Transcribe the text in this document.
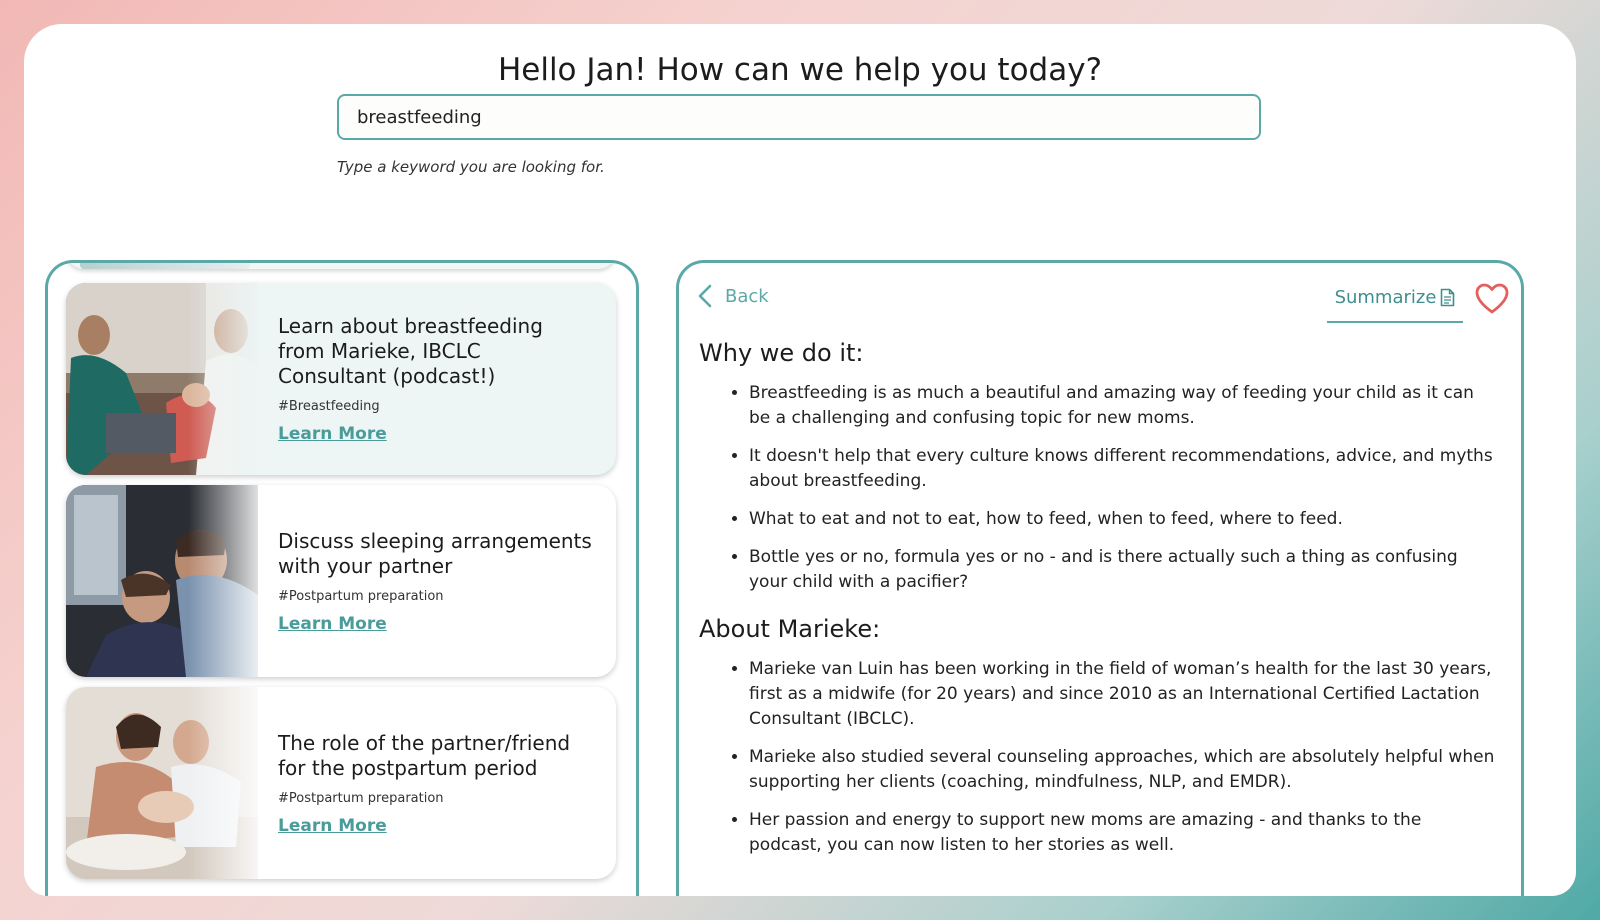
Hello Jan! How can we help you today?
breastfeeding
Type a keyword you are looking for.
Learn about breastfeeding from Marieke, IBCLC Consultant (podcast!)
#Breastfeeding
Learn More
Discuss sleeping arrangements with your partner
#Postpartum preparation
Learn More
The role of the partner/friend for the postpartum period
#Postpartum preparation
Learn More
Back	Summarize
Why we do it:
• Breastfeeding is as much a beautiful and amazing way of feeding your child as it can be a challenging and confusing topic for new moms.
• It doesn't help that every culture knows different recommendations, advice, and myths about breastfeeding.
• What to eat and not to eat, how to feed, when to feed, where to feed.
• Bottle yes or no, formula yes or no - and is there actually such a thing as confusing your child with a pacifier?
About Marieke:
• Marieke van Luin has been working in the field of woman’s health for the last 30 years, first as a midwife (for 20 years) and since 2010 as an International Certified Lactation Consultant (IBCLC).
• Marieke also studied several counseling approaches, which are absolutely helpful when supporting her clients (coaching, mindfulness, NLP, and EMDR).
• Her passion and energy to support new moms are amazing - and thanks to the podcast, you can now listen to her stories as well.
